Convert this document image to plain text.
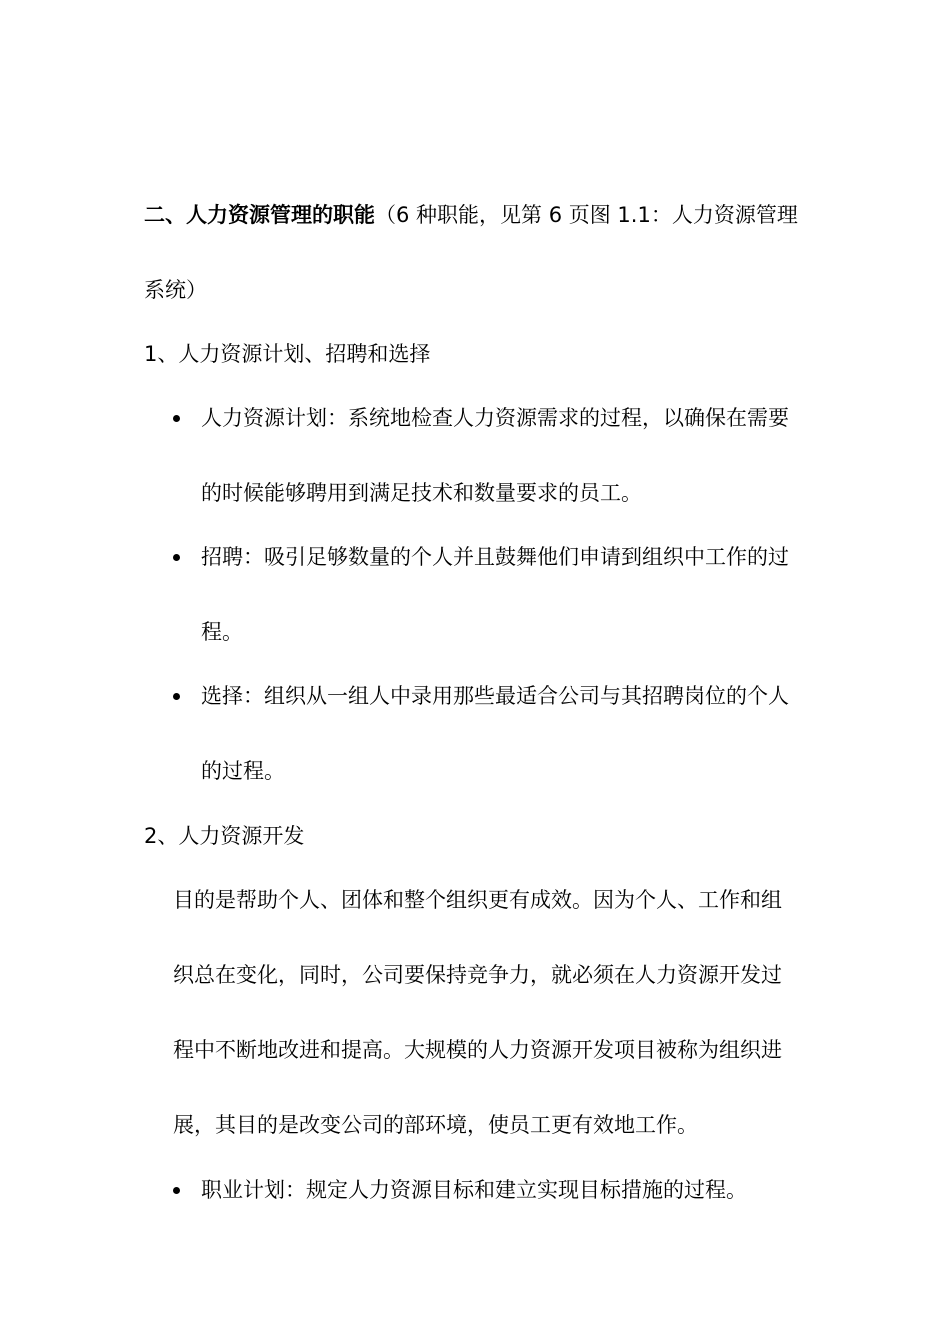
二、人力资源管理的职能（6 种职能，见第 6 页图 1.1：人力资源管理
系统）
1、人力资源计划、招聘和选择
人力资源计划：系统地检查人力资源需求的过程，以确保在需要
的时候能够聘用到满足技术和数量要求的员工。
招聘：吸引足够数量的个人并且鼓舞他们申请到组织中工作的过
程。
选择：组织从一组人中录用那些最适合公司与其招聘岗位的个人
的过程。
2、人力资源开发
目的是帮助个人、团体和整个组织更有成效。因为个人、工作和组
织总在变化，同时，公司要保持竞争力，就必须在人力资源开发过
程中不断地改进和提高。大规模的人力资源开发项目被称为组织进
展，其目的是改变公司的部环境，使员工更有效地工作。
职业计划：规定人力资源目标和建立实现目标措施的过程。
